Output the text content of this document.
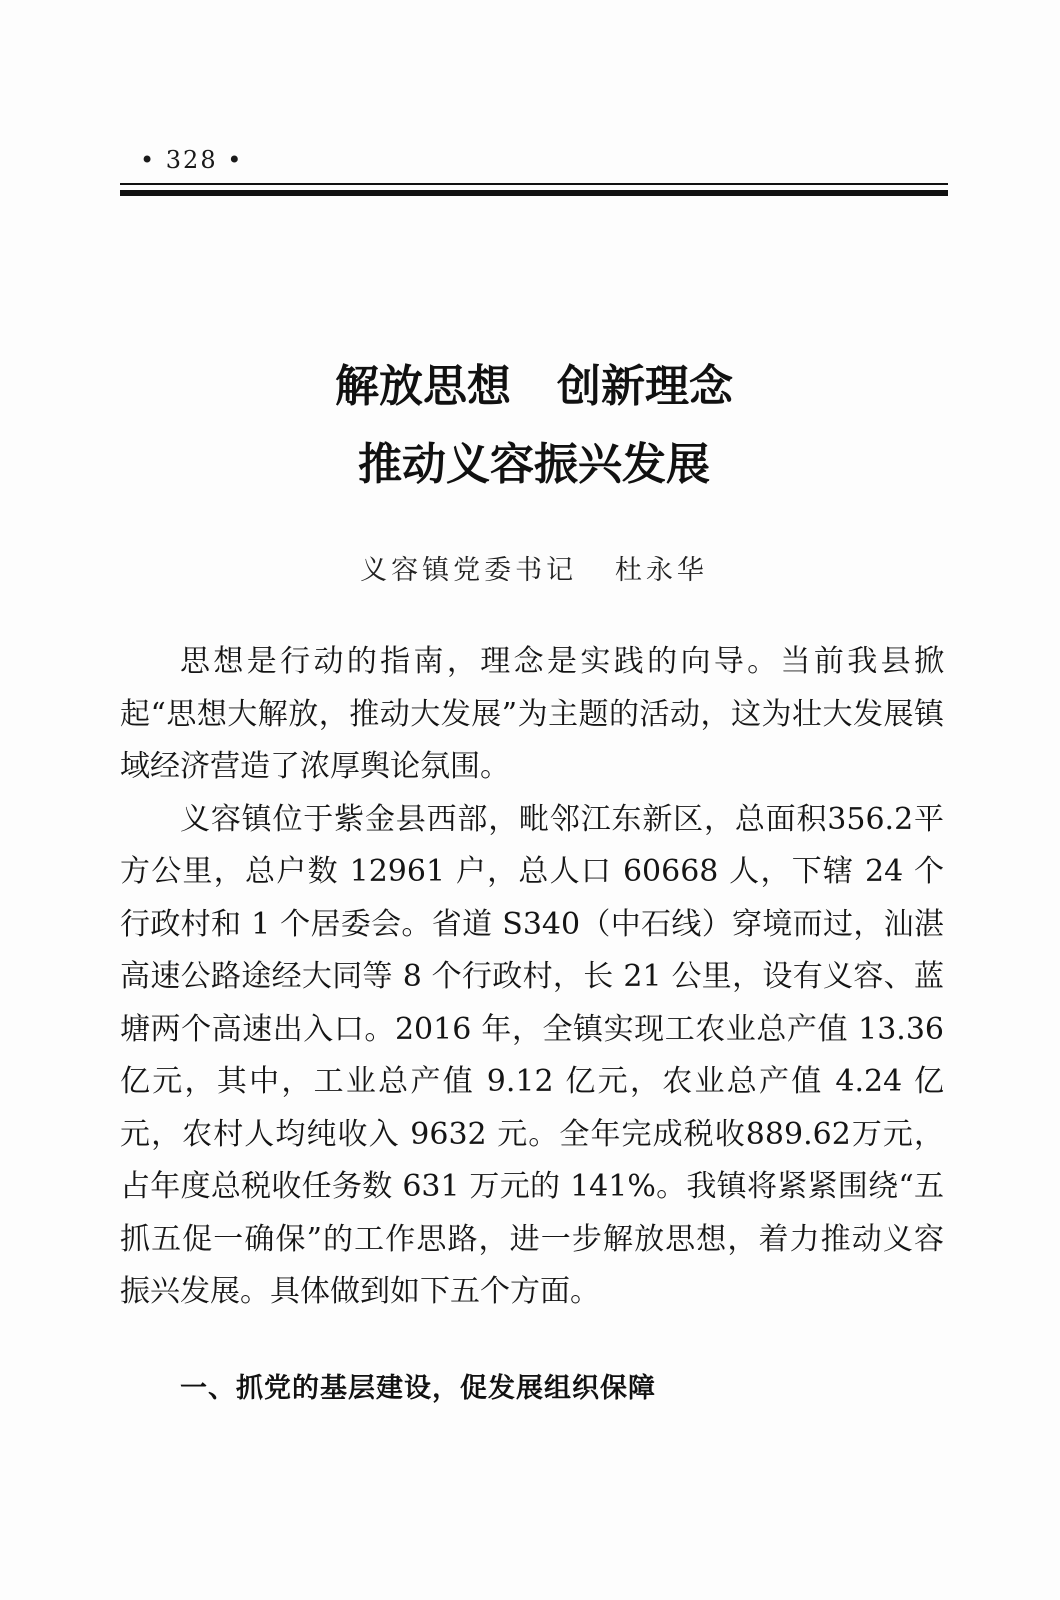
• 328 •
解放思想   创新理念
推动义容振兴发展
义容镇党委书记   杜永华

思想是行动的指南，理念是实践的向导。当前我县掀起“思想大解放，推动大发展”为主题的活动，这为壮大发展镇域经济营造了浓厚舆论氛围。

义容镇位于紫金县西部，毗邻江东新区，总面积356.2平方公里，总户数 12961 户，总人口 60668 人，下辖 24 个行政村和 1 个居委会。省道 S340（中石线）穿境而过，汕湛高速公路途经大同等 8 个行政村，长 21 公里，设有义容、蓝塘两个高速出入口。2016 年，全镇实现工农业总产值 13.36 亿元，其中，工业总产值 9.12 亿元，农业总产值 4.24 亿元，农村人均纯收入 9632 元。全年完成税收889.62万元，占年度总税收任务数 631 万元的 141%。我镇将紧紧围绕“五抓五促一确保”的工作思路，进一步解放思想，着力推动义容振兴发展。具体做到如下五个方面。

一、抓党的基层建设，促发展组织保障
